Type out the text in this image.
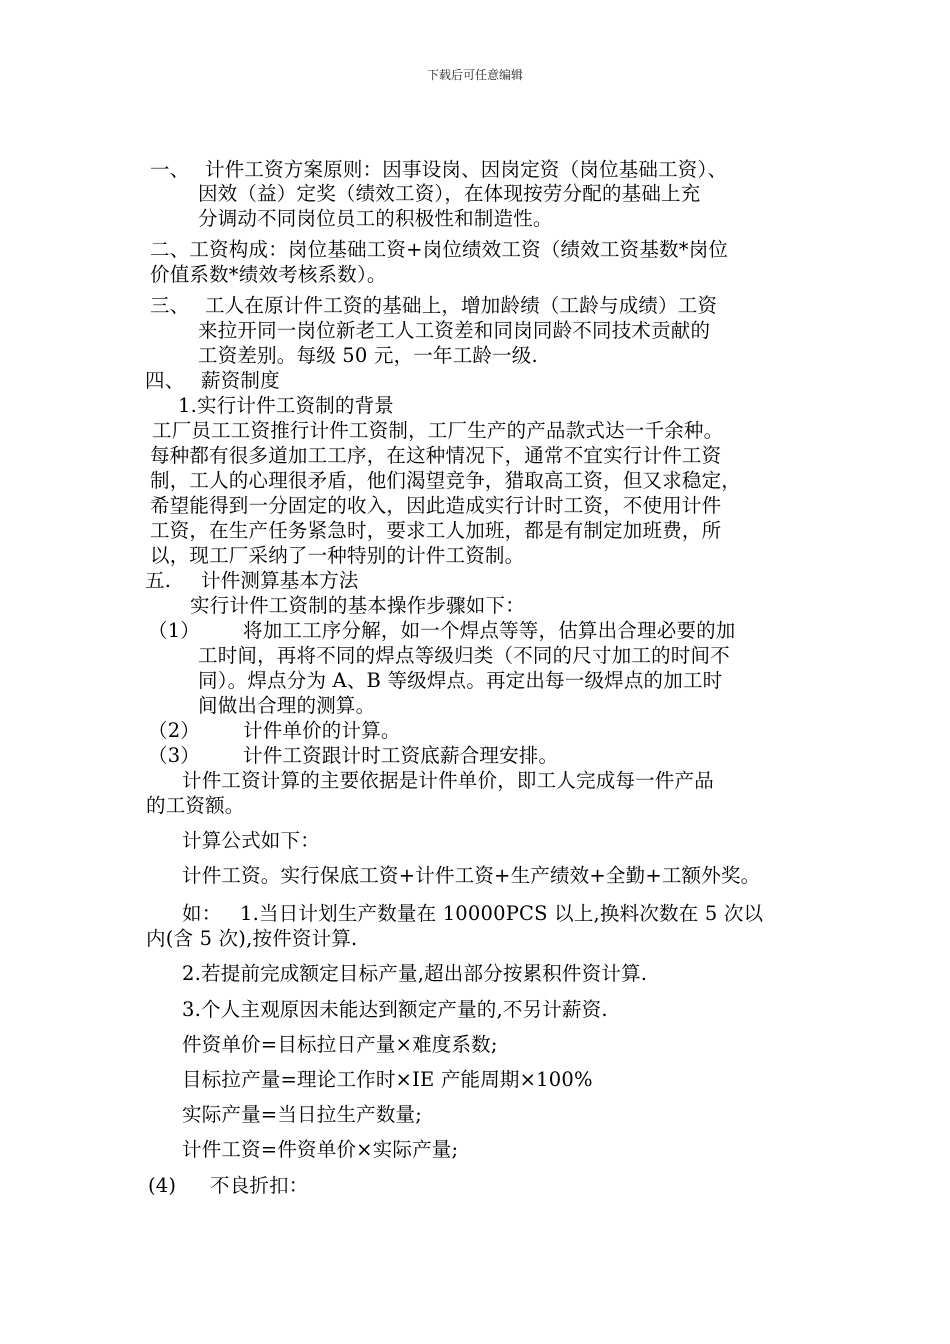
下载后可任意编辑
一、 计件工资方案原则：因事设岗、因岗定资（岗位基础工资）、
因效（益）定奖（绩效工资），在体现按劳分配的基础上充
分调动不同岗位员工的积极性和制造性。
二、工资构成：岗位基础工资+岗位绩效工资（绩效工资基数*岗位
价值系数*绩效考核系数）。
三、 工人在原计件工资的基础上，增加龄绩（工龄与成绩）工资
来拉开同一岗位新老工人工资差和同岗同龄不同技术贡献的
工资差别。每级 50 元，一年工龄一级.
四、 薪资制度
1.实行计件工资制的背景
工厂员工工资推行计件工资制，工厂生产的产品款式达一千余种。
每种都有很多道加工工序，在这种情况下，通常不宜实行计件工资
制，工人的心理很矛盾，他们渴望竞争，猎取高工资，但又求稳定，
希望能得到一分固定的收入，因此造成实行计时工资，不使用计件
工资，在生产任务紧急时，要求工人加班，都是有制定加班费，所
以，现工厂采纳了一种特别的计件工资制。
五. 计件测算基本方法
实行计件工资制的基本操作步骤如下：
（1） 将加工工序分解，如一个焊点等等，估算出合理必要的加
工时间，再将不同的焊点等级归类（不同的尺寸加工的时间不
同）。焊点分为 A、B 等级焊点。再定出每一级焊点的加工时
间做出合理的测算。
（2） 计件单价的计算。
（3） 计件工资跟计时工资底薪合理安排。
计件工资计算的主要依据是计件单价，即工人完成每一件产品
的工资额。
计算公式如下：
计件工资。实行保底工资+计件工资+生产绩效+全勤+工额外奖。
如： 1.当日计划生产数量在 10000PCS 以上,换料次数在 5 次以
内(含 5 次),按件资计算.
2.若提前完成额定目标产量,超出部分按累积件资计算.
3.个人主观原因未能达到额定产量的,不另计薪资.
件资单价=目标拉日产量×难度系数;
目标拉产量=理论工作时×IE 产能周期×100%
实际产量=当日拉生产数量;
计件工资=件资单价×实际产量;
(4) 不良折扣：
